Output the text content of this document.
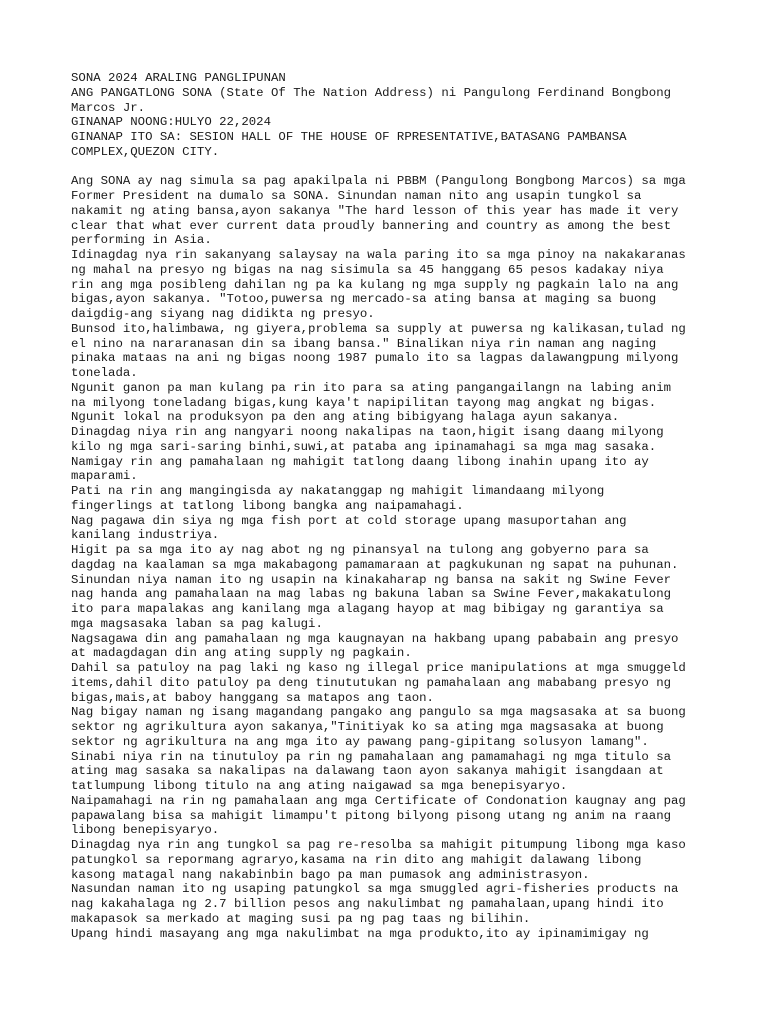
SONA 2024 ARALING PANGLIPUNAN
ANG PANGATLONG SONA (State Of The Nation Address) ni Pangulong Ferdinand Bongbong
Marcos Jr.
GINANAP NOONG:HULYO 22,2024
GINANAP ITO SA: SESION HALL OF THE HOUSE OF RPRESENTATIVE,BATASANG PAMBANSA
COMPLEX,QUEZON CITY.
Ang SONA ay nag simula sa pag apakilpala ni PBBM (Pangulong Bongbong Marcos) sa mga
Former President na dumalo sa SONA. Sinundan naman nito ang usapin tungkol sa
nakamit ng ating bansa,ayon sakanya "The hard lesson of this year has made it very
clear that what ever current data proudly bannering and country as among the best
performing in Asia.
Idinagdag nya rin sakanyang salaysay na wala paring ito sa mga pinoy na nakakaranas
ng mahal na presyo ng bigas na nag sisimula sa 45 hanggang 65 pesos kadakay niya
rin ang mga posibleng dahilan ng pa ka kulang ng mga supply ng pagkain lalo na ang
bigas,ayon sakanya. "Totoo,puwersa ng mercado-sa ating bansa at maging sa buong
daigdig-ang siyang nag didikta ng presyo.
Bunsod ito,halimbawa, ng giyera,problema sa supply at puwersa ng kalikasan,tulad ng
el nino na nararanasan din sa ibang bansa." Binalikan niya rin naman ang naging
pinaka mataas na ani ng bigas noong 1987 pumalo ito sa lagpas dalawangpung milyong
tonelada.
Ngunit ganon pa man kulang pa rin ito para sa ating pangangailangn na labing anim
na milyong toneladang bigas,kung kaya't napipilitan tayong mag angkat ng bigas.
Ngunit lokal na produksyon pa den ang ating bibigyang halaga ayun sakanya.
Dinagdag niya rin ang nangyari noong nakalipas na taon,higit isang daang milyong
kilo ng mga sari-saring binhi,suwi,at pataba ang ipinamahagi sa mga mag sasaka.
Namigay rin ang pamahalaan ng mahigit tatlong daang libong inahin upang ito ay
maparami.
Pati na rin ang mangingisda ay nakatanggap ng mahigit limandaang milyong
fingerlings at tatlong libong bangka ang naipamahagi.
Nag pagawa din siya ng mga fish port at cold storage upang masuportahan ang
kanilang industriya.
Higit pa sa mga ito ay nag abot ng ng pinansyal na tulong ang gobyerno para sa
dagdag na kaalaman sa mga makabagong pamamaraan at pagkukunan ng sapat na puhunan.
Sinundan niya naman ito ng usapin na kinakaharap ng bansa na sakit ng Swine Fever
nag handa ang pamahalaan na mag labas ng bakuna laban sa Swine Fever,makakatulong
ito para mapalakas ang kanilang mga alagang hayop at mag bibigay ng garantiya sa
mga magsasaka laban sa pag kalugi.
Nagsagawa din ang pamahalaan ng mga kaugnayan na hakbang upang pababain ang presyo
at madagdagan din ang ating supply ng pagkain.
Dahil sa patuloy na pag laki ng kaso ng illegal price manipulations at mga smuggeld
items,dahil dito patuloy pa deng tinututukan ng pamahalaan ang mababang presyo ng
bigas,mais,at baboy hanggang sa matapos ang taon.
Nag bigay naman ng isang magandang pangako ang pangulo sa mga magsasaka at sa buong
sektor ng agrikultura ayon sakanya,"Tinitiyak ko sa ating mga magsasaka at buong
sektor ng agrikultura na ang mga ito ay pawang pang-gipitang solusyon lamang".
Sinabi niya rin na tinutuloy pa rin ng pamahalaan ang pamamahagi ng mga titulo sa
ating mag sasaka sa nakalipas na dalawang taon ayon sakanya mahigit isangdaan at
tatlumpung libong titulo na ang ating naigawad sa mga benepisyaryo.
Naipamahagi na rin ng pamahalaan ang mga Certificate of Condonation kaugnay ang pag
papawalang bisa sa mahigit limampu't pitong bilyong pisong utang ng anim na raang
libong benepisyaryo.
Dinagdag nya rin ang tungkol sa pag re-resolba sa mahigit pitumpung libong mga kaso
patungkol sa repormang agraryo,kasama na rin dito ang mahigit dalawang libong
kasong matagal nang nakabinbin bago pa man pumasok ang administrasyon.
Nasundan naman ito ng usaping patungkol sa mga smuggled agri-fisheries products na
nag kakahalaga ng 2.7 billion pesos ang nakulimbat ng pamahalaan,upang hindi ito
makapasok sa merkado at maging susi pa ng pag taas ng bilihin.
Upang hindi masayang ang mga nakulimbat na mga produkto,ito ay ipinamimigay ng
